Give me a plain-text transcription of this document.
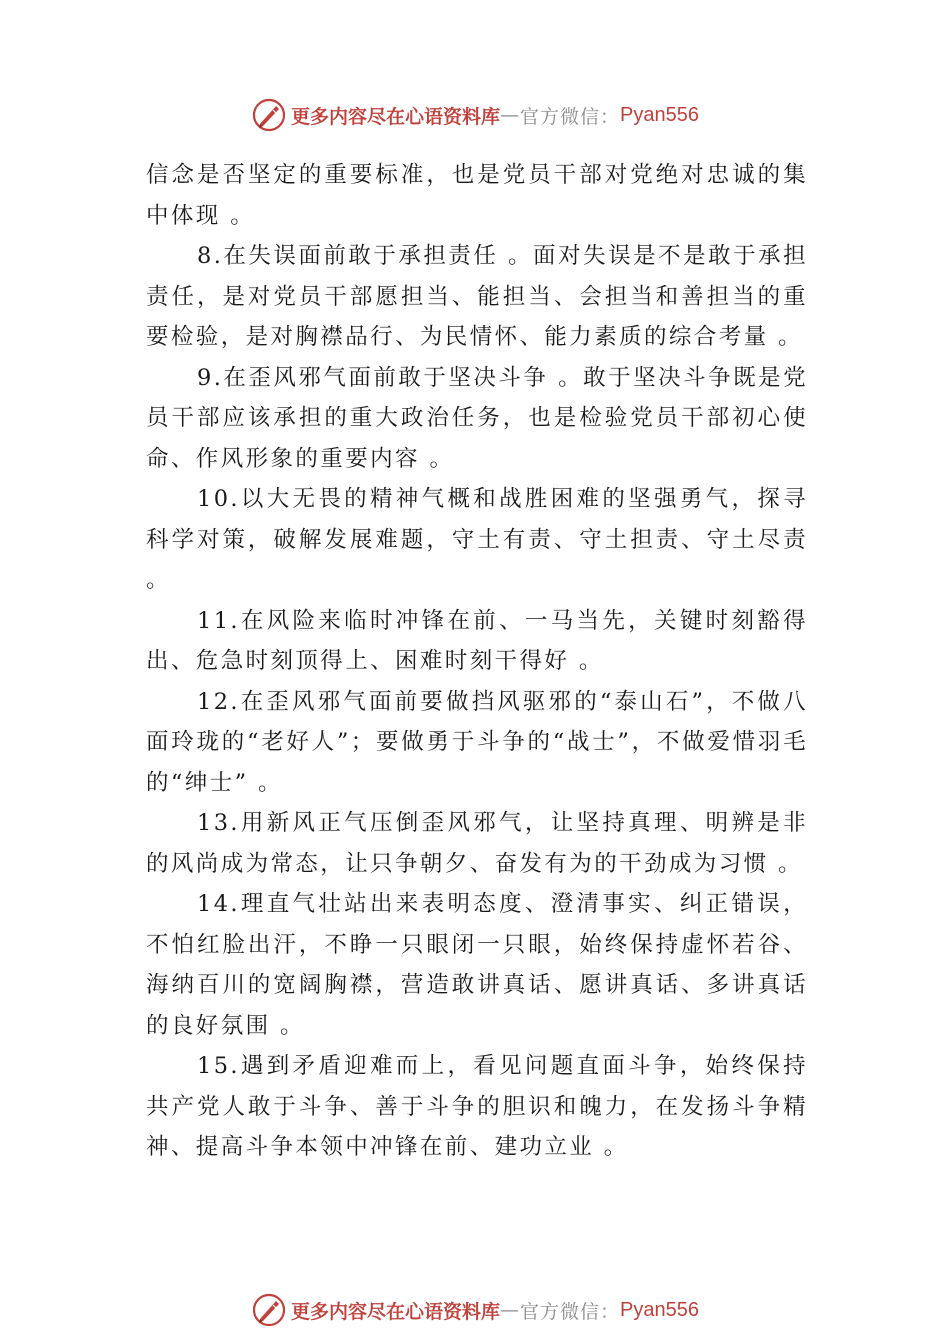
更多内容尽在心语资料库 — 官方微信： Pyan556

信念是否坚定的重要标准，也是党员干部对党绝对忠诚的集中体现 。

8.在失误面前敢于承担责任 。面对失误是不是敢于承担责任，是对党员干部愿担当、能担当、会担当和善担当的重要检验，是对胸襟品行、为民情怀、能力素质的综合考量 。

9.在歪风邪气面前敢于坚决斗争 。敢于坚决斗争既是党员干部应该承担的重大政治任务，也是检验党员干部初心使命、作风形象的重要内容 。

10.以大无畏的精神气概和战胜困难的坚强勇气，探寻科学对策，破解发展难题，守土有责、守土担责、守土尽责 。

11.在风险来临时冲锋在前、一马当先，关键时刻豁得出、危急时刻顶得上、困难时刻干得好 。

12.在歪风邪气面前要做挡风驱邪的“泰山石”，不做八面玲珑的“老好人”；要做勇于斗争的“战士”，不做爱惜羽毛的“绅士” 。

13.用新风正气压倒歪风邪气，让坚持真理、明辨是非的风尚成为常态，让只争朝夕、奋发有为的干劲成为习惯 。

14.理直气壮站出来表明态度、澄清事实、纠正错误，不怕红脸出汗，不睁一只眼闭一只眼，始终保持虚怀若谷、海纳百川的宽阔胸襟，营造敢讲真话、愿讲真话、多讲真话的良好氛围 。

15.遇到矛盾迎难而上，看见问题直面斗争，始终保持共产党人敢于斗争、善于斗争的胆识和魄力，在发扬斗争精神、提高斗争本领中冲锋在前、建功立业 。

更多内容尽在心语资料库 — 官方微信： Pyan556
